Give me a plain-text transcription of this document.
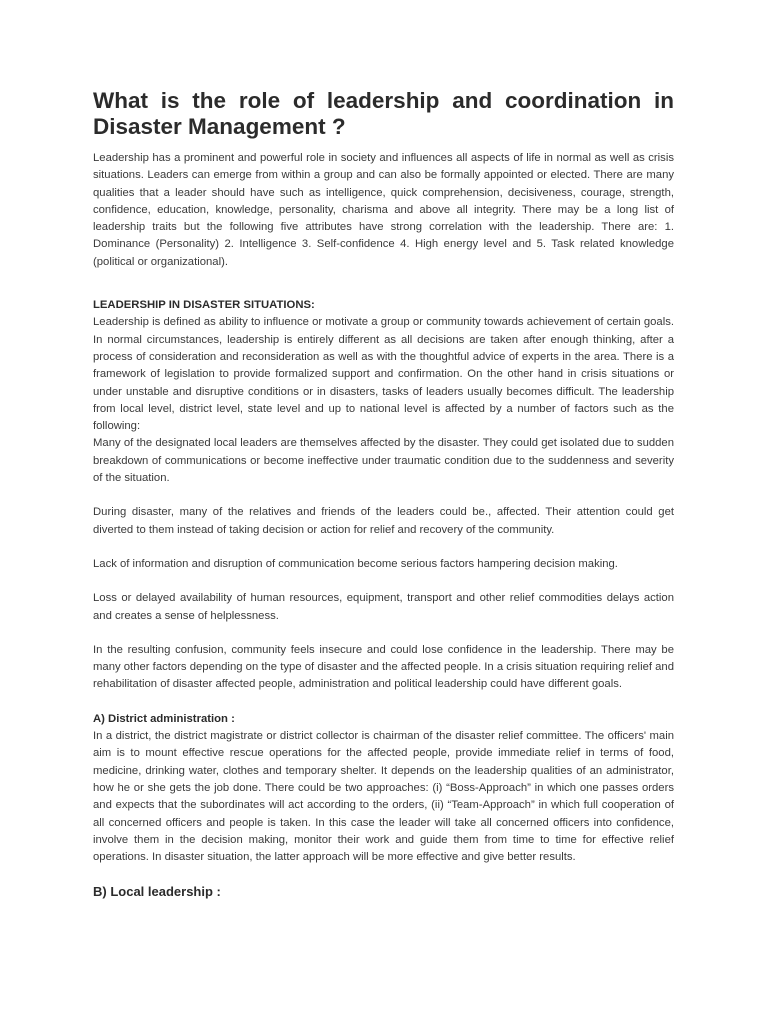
What is the role of leadership and coordination in Disaster Management ?

Leadership has a prominent and powerful role in society and influences all aspects of life in normal as well as crisis situations. Leaders can emerge from within a group and can also be formally appointed or elected. There are many qualities that a leader should have such as intelligence, quick comprehension, decisiveness, courage, strength, confidence, education, knowledge, personality, charisma and above all integrity. There may be a long list of leadership traits but the following five attributes have strong correlation with the leadership. There are: 1. Dominance (Personality) 2. Intelligence 3. Self-confidence 4. High energy level and 5. Task related knowledge (political or organizational).

LEADERSHIP IN DISASTER SITUATIONS:

Leadership is defined as ability to influence or motivate a group or community towards achievement of certain goals. In normal circumstances, leadership is entirely different as all decisions are taken after enough thinking, after a process of consideration and reconsideration as well as with the thoughtful advice of experts in the area. There is a framework of legislation to provide formalized support and confirmation. On the other hand in crisis situations or under unstable and disruptive conditions or in disasters, tasks of leaders usually becomes difficult. The leadership from local level, district level, state level and up to national level is affected by a number of factors such as the following:

Many of the designated local leaders are themselves affected by the disaster. They could get isolated due to sudden breakdown of communications or become ineffective under traumatic condition due to the suddenness and severity of the situation.

During disaster, many of the relatives and friends of the leaders could be., affected. Their attention could get diverted to them instead of taking decision or action for relief and recovery of the community.

Lack of information and disruption of communication become serious factors hampering decision making.

Loss or delayed availability of human resources, equipment, transport and other relief commodities delays action and creates a sense of helplessness.

In the resulting confusion, community feels insecure and could lose confidence in the leadership. There may be many other factors depending on the type of disaster and the affected people. In a crisis situation requiring relief and rehabilitation of disaster affected people, administration and political leadership could have different goals.

A) District administration :

In a district, the district magistrate or district collector is chairman of the disaster relief committee. The officers' main aim is to mount effective rescue operations for the affected people, provide immediate relief in terms of food, medicine, drinking water, clothes and temporary shelter. It depends on the leadership qualities of an administrator, how he or she gets the job done. There could be two approaches: (i) “Boss-Approach” in which one passes orders and expects that the subordinates will act according to the orders, (ii) “Team-Approach” in which full cooperation of all concerned officers and people is taken. In this case the leader will take all concerned officers into confidence, involve them in the decision making, monitor their work and guide them from time to time for effective relief operations. In disaster situation, the latter approach will be more effective and give better results.

B) Local leadership :
